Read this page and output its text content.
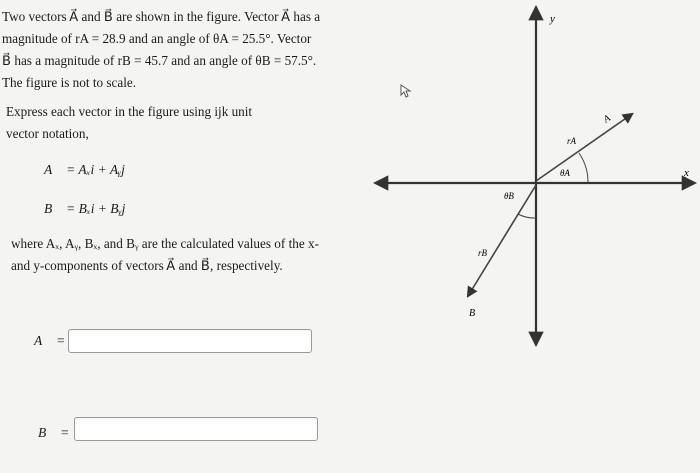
Two vectors A⃗ and B⃗ are shown in the figure. Vector A⃗ has a

magnitude of rA = 28.9 and an angle of θA = 25.5°. Vector

B⃗ has a magnitude of rB = 45.7 and an angle of θB = 57.5°.

The figure is not to scale.

Express each vector in the figure using ijk unit

vector notation,

A⃗ = Aₓi + Aᵧj
B⃗ = Bₓi + Bᵧj
where Aₓ, Aᵧ, Bₓ, and Bᵧ are the calculated values of the x-
and y-components of vectors A⃗ and B⃗, respectively.
A⃗ =
B⃗ =
y
x
A⃗
rA
θA
θB
rB
B⃗
